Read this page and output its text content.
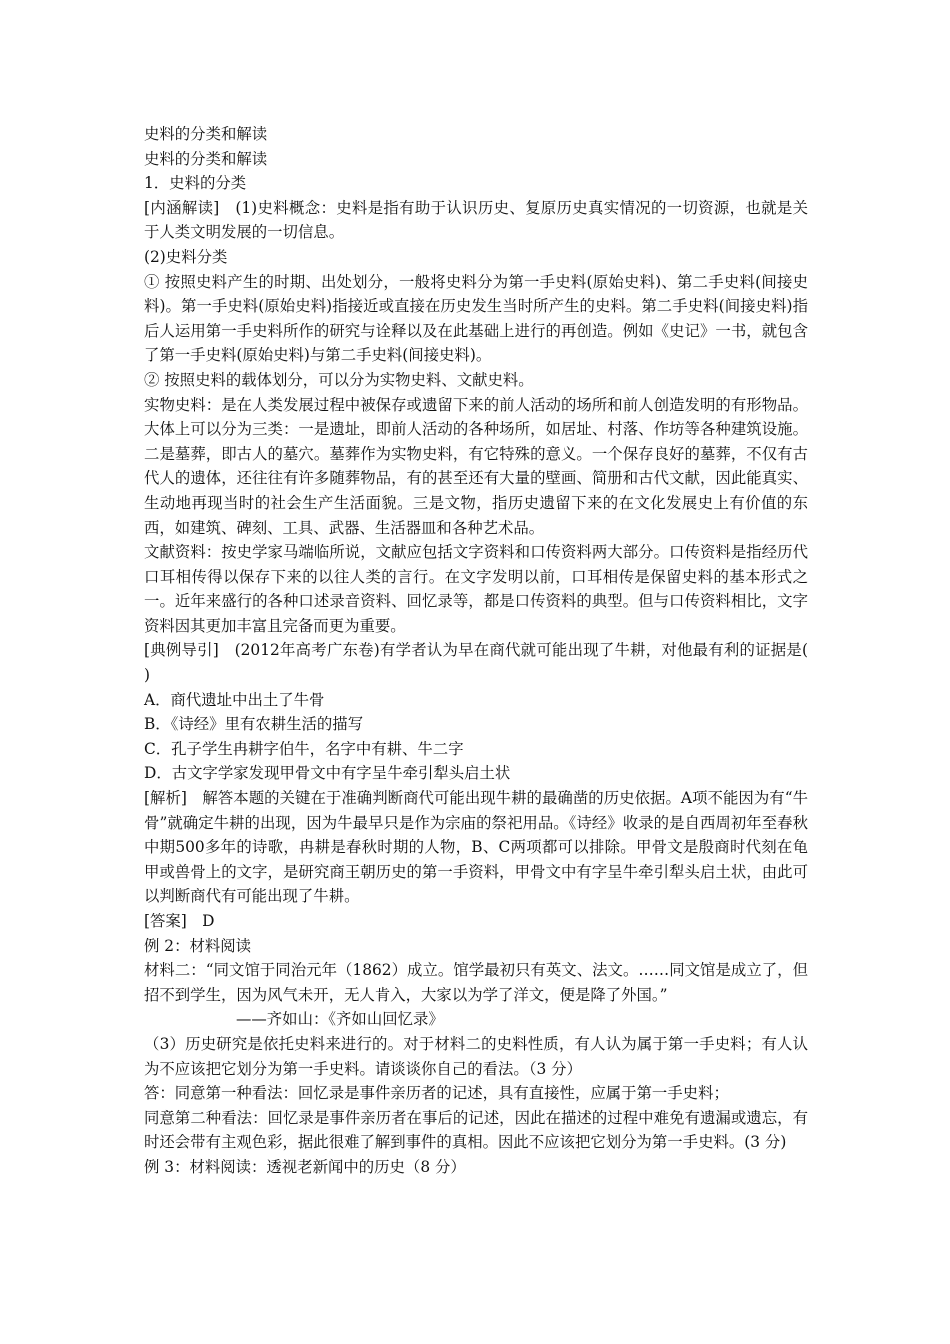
史料的分类和解读
史料的分类和解读
1．史料的分类
[内涵解读]　(1)史料概念：史料是指有助于认识历史、复原历史真实情况的一切资源，也就是关于人类文明发展的一切信息。
(2)史料分类
① 按照史料产生的时期、出处划分，一般将史料分为第一手史料(原始史料)、第二手史料(间接史料)。第一手史料(原始史料)指接近或直接在历史发生当时所产生的史料。第二手史料(间接史料)指后人运用第一手史料所作的研究与诠释以及在此基础上进行的再创造。例如《史记》一书，就包含了第一手史料(原始史料)与第二手史料(间接史料)。
② 按照史料的载体划分，可以分为实物史料、文献史料。
实物史料：是在人类发展过程中被保存或遗留下来的前人活动的场所和前人创造发明的有形物品。大体上可以分为三类：一是遗址，即前人活动的各种场所，如居址、村落、作坊等各种建筑设施。二是墓葬，即古人的墓穴。墓葬作为实物史料，有它特殊的意义。一个保存良好的墓葬，不仅有古代人的遗体，还往往有许多随葬物品，有的甚至还有大量的壁画、简册和古代文献，因此能真实、生动地再现当时的社会生产生活面貌。三是文物，指历史遗留下来的在文化发展史上有价值的东西，如建筑、碑刻、工具、武器、生活器皿和各种艺术品。
文献资料：按史学家马端临所说，文献应包括文字资料和口传资料两大部分。口传资料是指经历代口耳相传得以保存下来的以往人类的言行。在文字发明以前，口耳相传是保留史料的基本形式之一。近年来盛行的各种口述录音资料、回忆录等，都是口传资料的典型。但与口传资料相比，文字资料因其更加丰富且完备而更为重要。
[典例导引]　(2012年高考广东卷)有学者认为早在商代就可能出现了牛耕，对他最有利的证据是(　　)
A．商代遗址中出土了牛骨
B．《诗经》里有农耕生活的描写
C．孔子学生冉耕字伯牛，名字中有耕、牛二字
D．古文字学家发现甲骨文中有字呈牛牵引犁头启土状
[解析]　解答本题的关键在于准确判断商代可能出现牛耕的最确凿的历史依据。A项不能因为有“牛骨”就确定牛耕的出现，因为牛最早只是作为宗庙的祭祀用品。《诗经》收录的是自西周初年至春秋中期500多年的诗歌，冉耕是春秋时期的人物，B、C两项都可以排除。甲骨文是殷商时代刻在龟甲或兽骨上的文字，是研究商王朝历史的第一手资料，甲骨文中有字呈牛牵引犁头启土状，由此可以判断商代有可能出现了牛耕。
[答案]　D
例 2：材料阅读
材料二：“同文馆于同治元年（1862）成立。馆学最初只有英文、法文。……同文馆是成立了，但招不到学生，因为风气未开，无人肯入，大家以为学了洋文，便是降了外国。”
——齐如山：《齐如山回忆录》
（3）历史研究是依托史料来进行的。对于材料二的史料性质，有人认为属于第一手史料；有人认为不应该把它划分为第一手史料。请谈谈你自己的看法。（3 分）
答：同意第一种看法：回忆录是事件亲历者的记述，具有直接性，应属于第一手史料；
同意第二种看法：回忆录是事件亲历者在事后的记述，因此在描述的过程中难免有遗漏或遗忘，有时还会带有主观色彩，据此很难了解到事件的真相。因此不应该把它划分为第一手史料。(3 分)
例 3：材料阅读：透视老新闻中的历史（8 分）
